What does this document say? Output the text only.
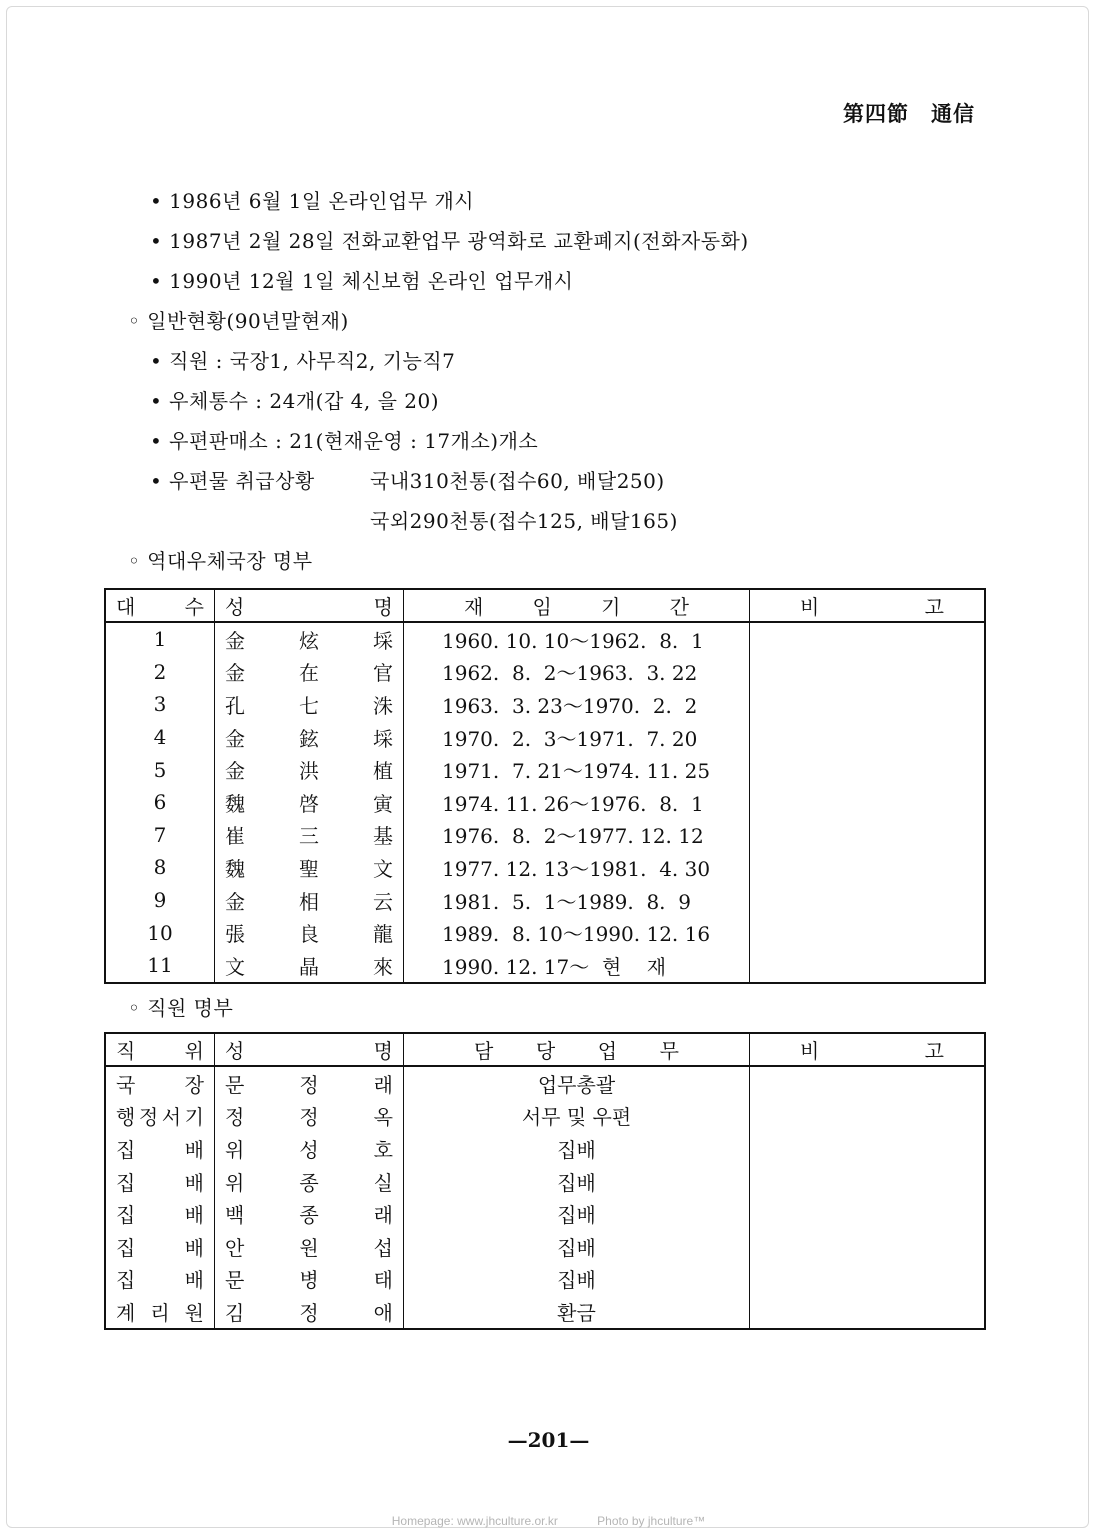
第四節　通信
• 1986년 6월 1일 온라인업무 개시
• 1987년 2월 28일 전화교환업무 광역화로 교환폐지(전화자동화)
• 1990년 12월 1일 체신보험 온라인 업무개시
◦ 일반현황(90년말현재)
• 직원 : 국장1, 사무직2, 기능직7
• 우체통수 : 24개(갑 4, 을 20)
• 우편판매소 : 21(현재운영 : 17개소)개소
• 우편물 취급상황	국내310천통(접수60, 배달250)
국외290천통(접수125, 배달165)
◦ 역대우체국장 명부
대 수	성 명	재 임 기 간	비 고

1	金 炫 埰	1960. 10. 10～1962.  8.  1	
2	金 在 官	1962.  8.  2～1963.  3. 22	
3	孔 七 洙	1963.  3. 23～1970.  2.  2	
4	金 鉉 埰	1970.  2.  3～1971.  7. 20	
5	金 洪 植	1971.  7. 21～1974. 11. 25	
6	魏 啓 寅	1974. 11. 26～1976.  8.  1	
7	崔 三 基	1976.  8.  2～1977. 12. 12	
8	魏 聖 文	1977. 12. 13～1981.  4. 30	
9	金 相 云	1981.  5.  1～1989.  8.  9	
10	張 良 龍	1989.  8. 10～1990. 12. 16	
11	文 晶 來	1990. 12. 17～  현    재	
◦ 직원 명부
직 위	성 명	담 당 업 무	비 고

국 장	문 정 래	업무총괄	

행 정 서 기	정 정 옥	서무 및 우편	

집 배	위 성 호	집배	

집 배	위 종 실	집배	

집 배	백 종 래	집배	

집 배	안 원 섭	집배	

집 배	문 병 태	집배	

계 리 원	김 정 애	환금	
—201—
Homepage: www.jhculture.or.kr	Photo by jhculture™
